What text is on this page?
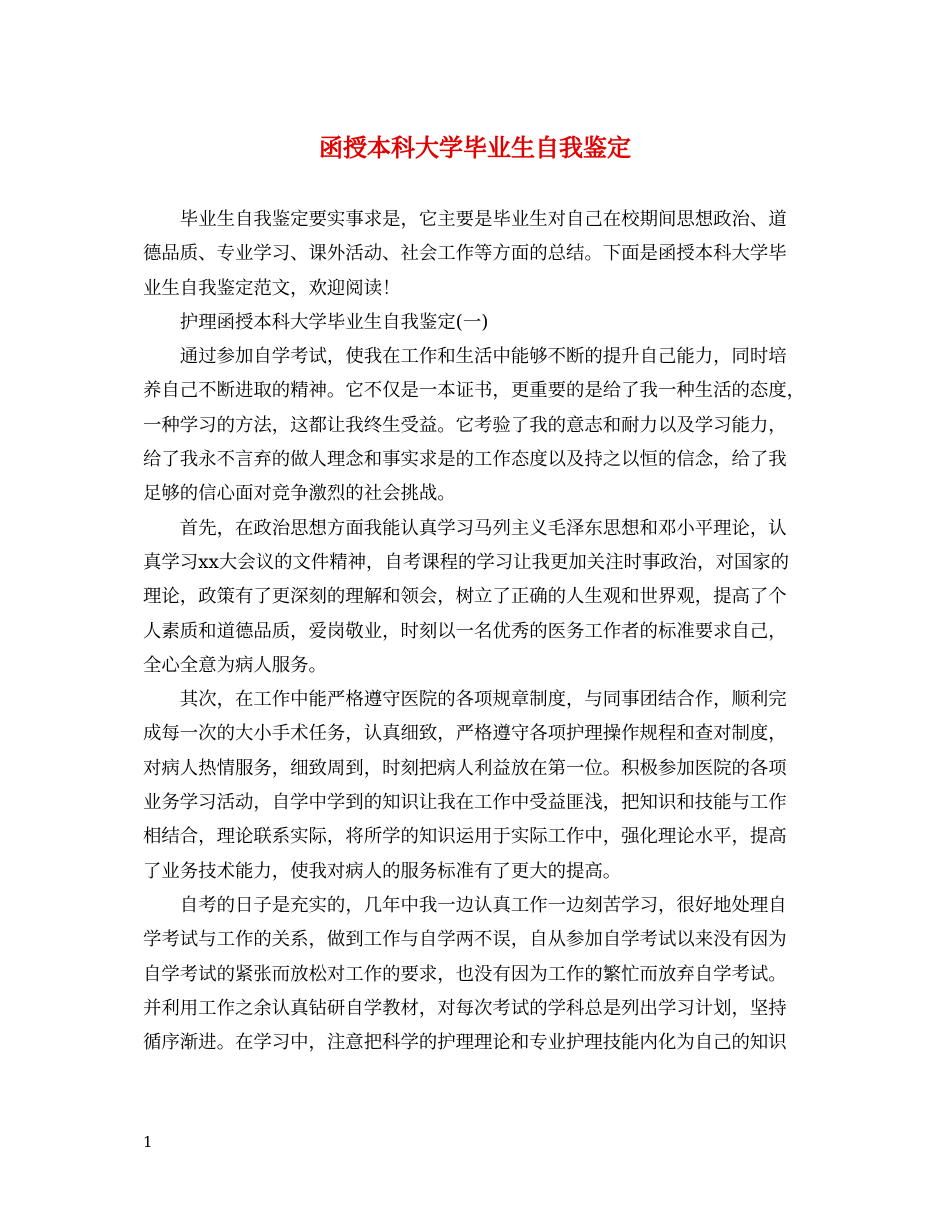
函授本科大学毕业生自我鉴定

毕业生自我鉴定要实事求是，它主要是毕业生对自己在校期间思想政治、道
德品质、专业学习、课外活动、社会工作等方面的总结。下面是函授本科大学毕
业生自我鉴定范文，欢迎阅读！

护理函授本科大学毕业生自我鉴定(一)

通过参加自学考试，使我在工作和生活中能够不断的提升自己能力，同时培
养自己不断进取的精神。它不仅是一本证书，更重要的是给了我一种生活的态度，
一种学习的方法，这都让我终生受益。它考验了我的意志和耐力以及学习能力，
给了我永不言弃的做人理念和事实求是的工作态度以及持之以恒的信念，给了我
足够的信心面对竞争激烈的社会挑战。

首先，在政治思想方面我能认真学习马列主义毛泽东思想和邓小平理论，认
真学习xx大会议的文件精神，自考课程的学习让我更加关注时事政治，对国家的
理论，政策有了更深刻的理解和领会，树立了正确的人生观和世界观，提高了个
人素质和道德品质，爱岗敬业，时刻以一名优秀的医务工作者的标准要求自己，
全心全意为病人服务。

其次，在工作中能严格遵守医院的各项规章制度，与同事团结合作，顺利完
成每一次的大小手术任务，认真细致，严格遵守各项护理操作规程和查对制度，
对病人热情服务，细致周到，时刻把病人利益放在第一位。积极参加医院的各项
业务学习活动，自学中学到的知识让我在工作中受益匪浅，把知识和技能与工作
相结合，理论联系实际，将所学的知识运用于实际工作中，强化理论水平，提高
了业务技术能力，使我对病人的服务标准有了更大的提高。

自考的日子是充实的，几年中我一边认真工作一边刻苦学习，很好地处理自
学考试与工作的关系，做到工作与自学两不误，自从参加自学考试以来没有因为
自学考试的紧张而放松对工作的要求，也没有因为工作的繁忙而放弃自学考试。
并利用工作之余认真钻研自学教材，对每次考试的学科总是列出学习计划，坚持
循序渐进。在学习中，注意把科学的护理理论和专业护理技能内化为自己的知识

1
